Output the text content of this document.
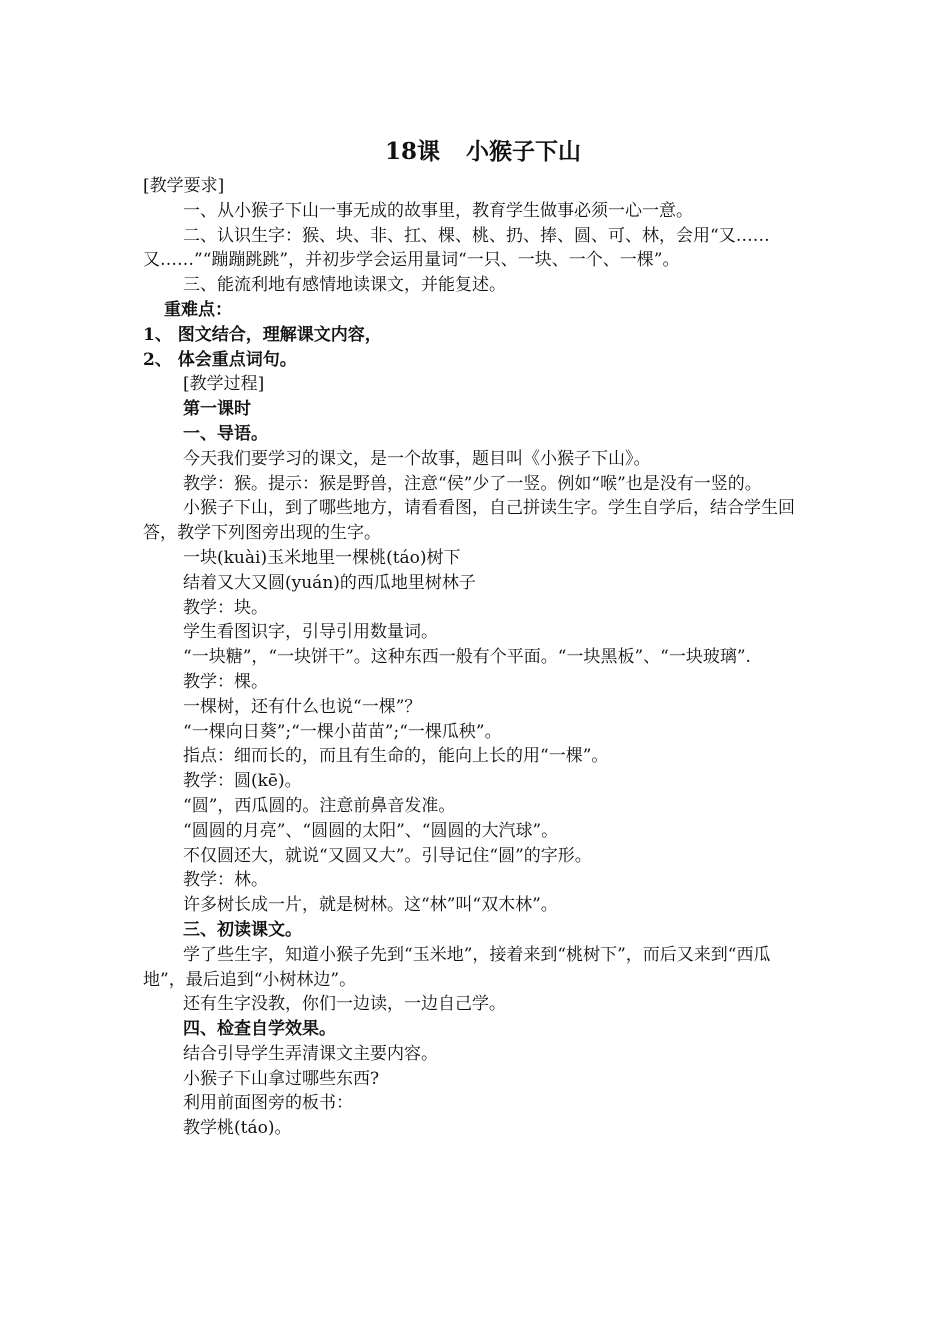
18课 小猴子下山

[教学要求]

一、从小猴子下山一事无成的故事里，教育学生做事必须一心一意。

二、认识生字：猴、块、非、扛、棵、桃、扔、捧、圆、可、林，会用“又……又……”“蹦蹦跳跳”，并初步学会运用量词“一只、一块、一个、一棵”。

三、能流利地有感情地读课文，并能复述。

重难点：

1、 图文结合，理解课文内容，

2、 体会重点词句。

[教学过程]

第一课时

一、导语。

今天我们要学习的课文，是一个故事，题目叫《小猴子下山》。

教学：猴。提示：猴是野兽，注意“侯”少了一竖。例如“喉”也是没有一竖的。

小猴子下山，到了哪些地方，请看看图，自己拼读生字。学生自学后，结合学生回答，教学下列图旁出现的生字。

一块(kuài)玉米地里一棵桃(táo)树下

结着又大又圆(yuán)的西瓜地里树林子

教学：块。

学生看图识字，引导引用数量词。

“一块糖”，“一块饼干”。这种东西一般有个平面。“一块黑板”、“一块玻璃”.

教学：棵。

一棵树，还有什么也说“一棵”？

“一棵向日葵”;“一棵小苗苗”;“一棵瓜秧”。

指点：细而长的，而且有生命的，能向上长的用“一棵”。

教学：圆(kē)。

“圆”，西瓜圆的。注意前鼻音发准。

“圆圆的月亮”、“圆圆的太阳”、“圆圆的大汽球”。

不仅圆还大，就说“又圆又大”。引导记住“圆”的字形。

教学：林。

许多树长成一片，就是树林。这“林”叫“双木林”。

三、初读课文。

学了些生字，知道小猴子先到“玉米地”，接着来到“桃树下”，而后又来到“西瓜地”，最后追到“小树林边”。

还有生字没教，你们一边读，一边自己学。

四、检查自学效果。

结合引导学生弄清课文主要内容。

小猴子下山拿过哪些东西?

利用前面图旁的板书：

教学桃(táo)。
